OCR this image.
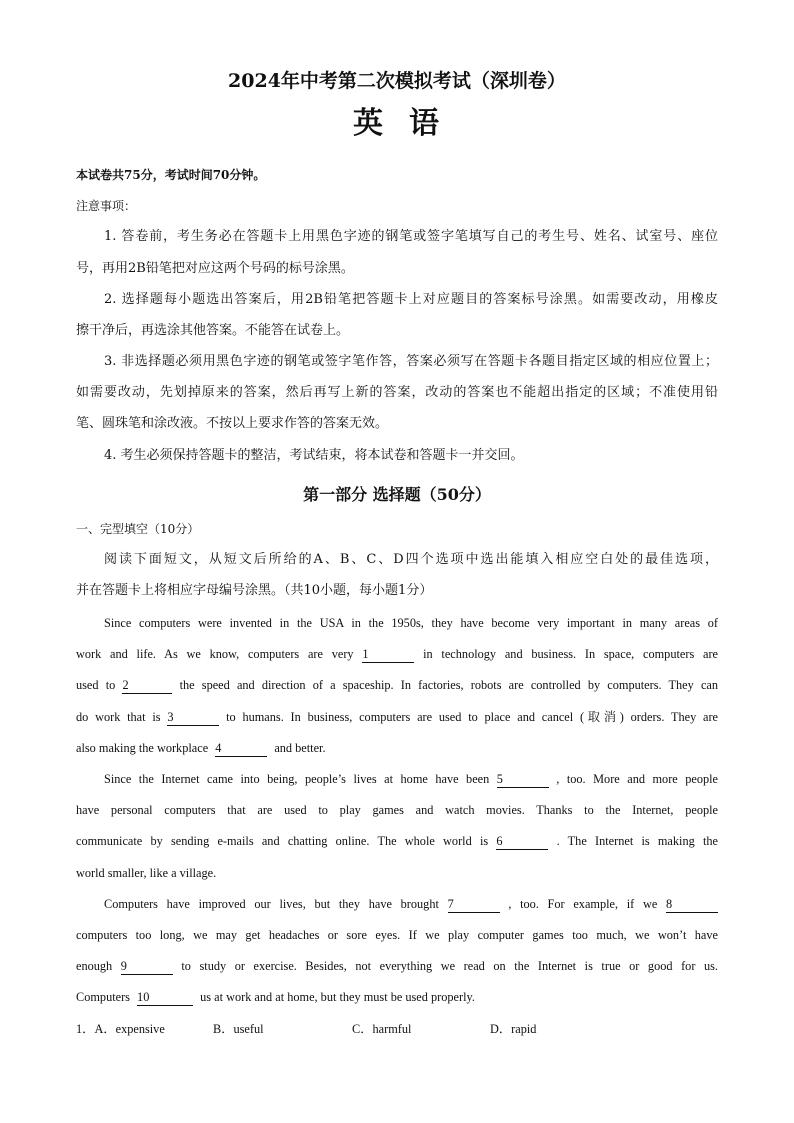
2024年中考第二次模拟考试（深圳卷）
英语
本试卷共75分，考试时间70分钟。
注意事项：
1. 答卷前，考生务必在答题卡上用黑色字迹的钢笔或签字笔填写自己的考生号、姓名、试室号、座位
号，再用2B铅笔把对应这两个号码的标号涂黑。
2. 选择题每小题选出答案后，用2B铅笔把答题卡上对应题目的答案标号涂黑。如需要改动，用橡皮
擦干净后，再选涂其他答案。不能答在试卷上。
3. 非选择题必须用黑色字迹的钢笔或签字笔作答，答案必须写在答题卡各题目指定区域的相应位置上；
如需要改动，先划掉原来的答案，然后再写上新的答案，改动的答案也不能超出指定的区域；不准使用铅
笔、圆珠笔和涂改液。不按以上要求作答的答案无效。
4. 考生必须保持答题卡的整洁，考试结束，将本试卷和答题卡一并交回。
第一部分 选择题（50分）
一、完型填空（10分）
阅读下面短文，从短文后所给的A、B、C、D四个选项中选出能填入相应空白处的最佳选项，
并在答题卡上将相应字母编号涂黑。（共10小题，每小题1分）
Since computers were invented in the USA in the 1950s, they have become very important in many areas of
work and life. As we know, computers are very 1	in technology and business. In space, computers are
used to 2	the speed and direction of a spaceship. In factories, robots are controlled by computers. They can
do work that is 3	to humans. In business, computers are used to place and cancel (取消) orders. They are
also making the workplace 4	and better.
Since the Internet came into being, people’s lives at home have been 5	, too. More and more people
have personal computers that are used to play games and watch movies. Thanks to the Internet, people
communicate by sending e-mails and chatting online. The whole world is 6	. The Internet is making the
world smaller, like a village.
Computers have improved our lives, but they have brought 7	, too. For example, if we 8
computers too long, we may get headaches or sore eyes. If we play computer games too much, we won’t have
enough 9	to study or exercise. Besides, not everything we read on the Internet is true or good for us.
Computers 10	us at work and at home, but they must be used properly.
1．A．expensive	B．useful	C．harmful	D．rapid
